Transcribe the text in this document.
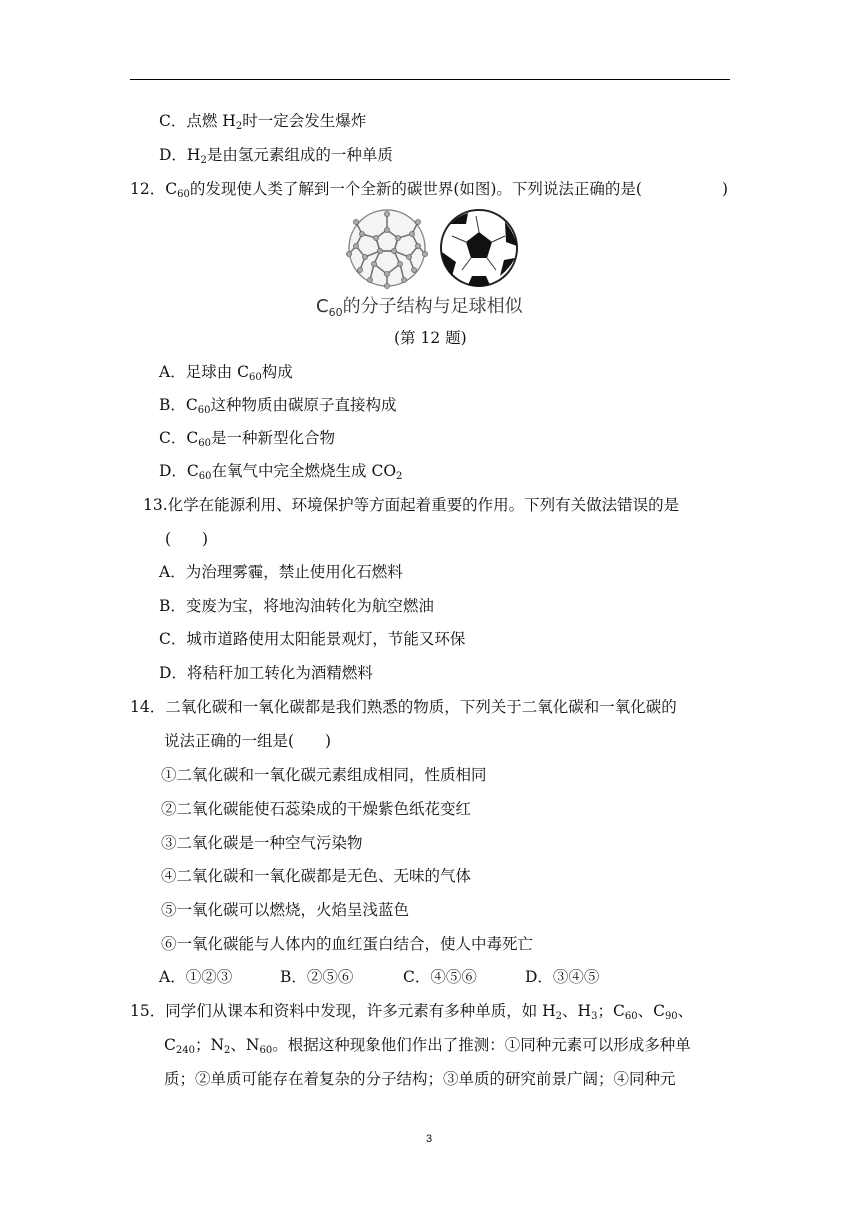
C．点燃 $H_2$时一定会发生爆炸
D．$H_2$是由氢元素组成的一种单质
12．$C_{60}$的发现使人类了解到一个全新的碳世界(如图)。下列说法正确的是(	)
$C_{60}$的分子结构与足球相似
(第 12 题)
A．足球由 $C_{60}$构成
B．$C_{60}$这种物质由碳原子直接构成
C．$C_{60}$是一种新型化合物
D．$C_{60}$在氧气中完全燃烧生成 $CO_2$
13.化学在能源利用、环境保护等方面起着重要的作用。下列有关做法错误的是
(　　)
A．为治理雾霾，禁止使用化石燃料
B．变废为宝，将地沟油转化为航空燃油
C．城市道路使用太阳能景观灯，节能又环保
D．将秸秆加工转化为酒精燃料
14．二氧化碳和一氧化碳都是我们熟悉的物质，下列关于二氧化碳和一氧化碳的
说法正确的一组是(　　)
①二氧化碳和一氧化碳元素组成相同，性质相同
②二氧化碳能使石蕊染成的干燥紫色纸花变红
③二氧化碳是一种空气污染物
④二氧化碳和一氧化碳都是无色、无味的气体
⑤一氧化碳可以燃烧，火焰呈浅蓝色
⑥一氧化碳能与人体内的血红蛋白结合，使人中毒死亡
A．①②③	B．②⑤⑥	C．④⑤⑥	D．③④⑤
15．同学们从课本和资料中发现，许多元素有多种单质，如 $H_2$、$H_3$；$C_{60}$、$C_{90}$、
$C_{240}$；$N_2$、$N_{60}$。根据这种现象他们作出了推测：①同种元素可以形成多种单
质；②单质可能存在着复杂的分子结构；③单质的研究前景广阔；④同种元
3
